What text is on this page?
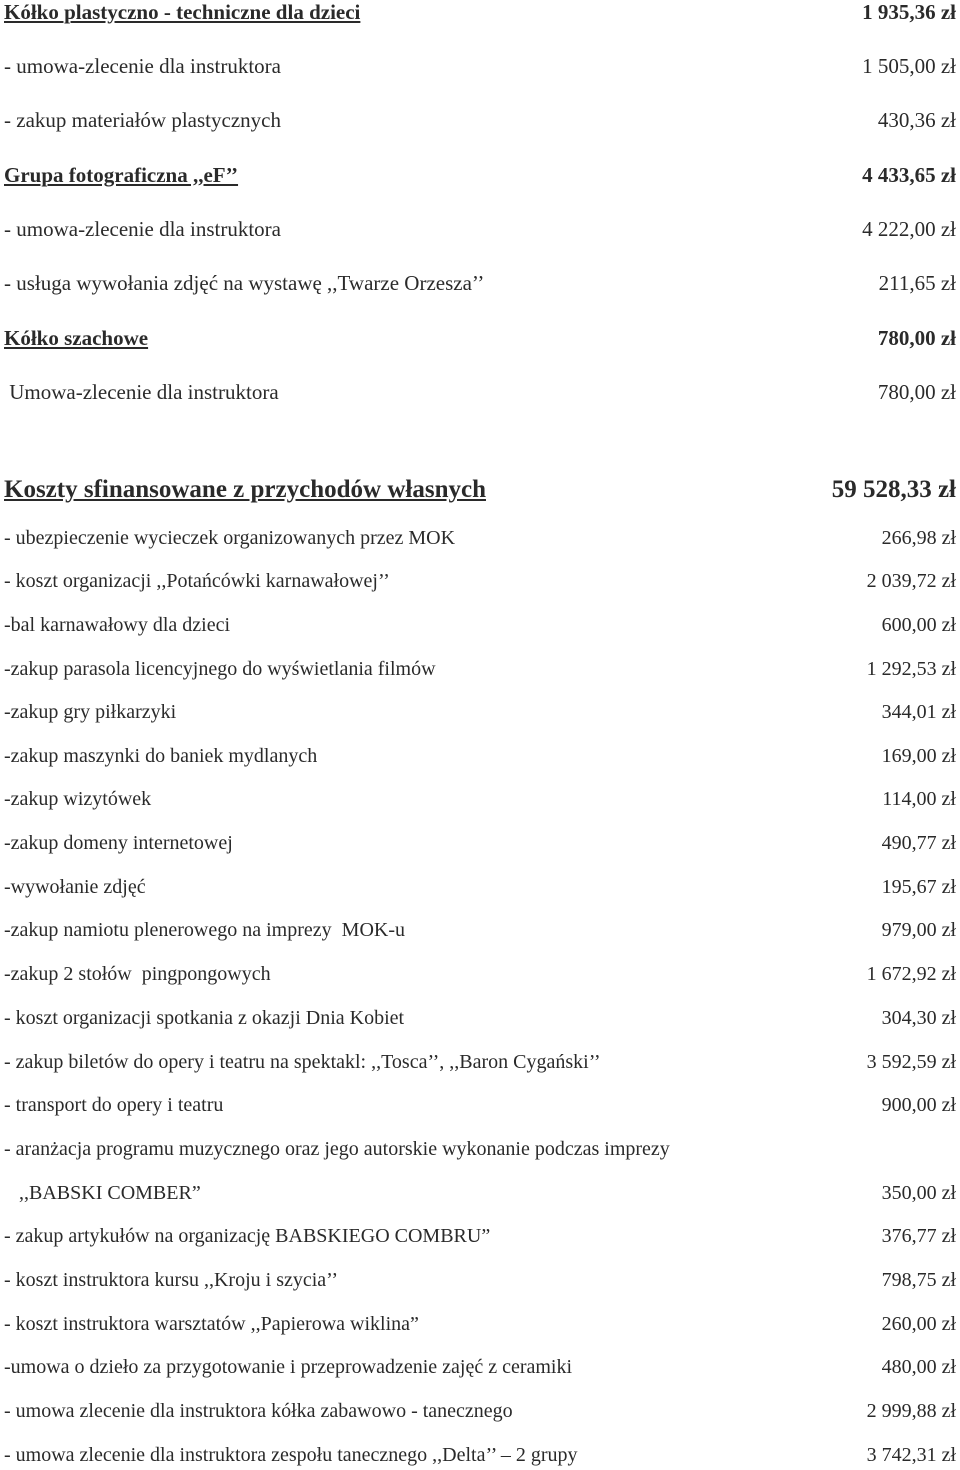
Kółko plastyczno - techniczne dla dzieci	1 935,36 zł
- umowa-zlecenie dla instruktora	1 505,00 zł
- zakup materiałów plastycznych	430,36 zł
Grupa fotograficzna ,,eF’’	4 433,65 zł
- umowa-zlecenie dla instruktora	4 222,00 zł
- usługa wywołania zdjęć na wystawę ,,Twarze Orzesza’’	211,65 zł
Kółko szachowe	780,00 zł
Umowa-zlecenie dla instruktora	780,00 zł
Koszty sfinansowane z przychodów własnych	59 528,33 zł
- ubezpieczenie wycieczek organizowanych przez MOK	266,98 zł
- koszt organizacji ,,Potańcówki karnawałowej’’	2 039,72 zł
-bal karnawałowy dla dzieci	600,00 zł
-zakup parasola licencyjnego do wyświetlania filmów	1 292,53 zł
-zakup gry piłkarzyki	344,01 zł
-zakup maszynki do baniek mydlanych	169,00 zł
-zakup wizytówek	114,00 zł
-zakup domeny internetowej	490,77 zł
-wywołanie zdjęć	195,67 zł
-zakup namiotu plenerowego na imprezy  MOK-u	979,00 zł
-zakup 2 stołów  pingpongowych	1 672,92 zł
- koszt organizacji spotkania z okazji Dnia Kobiet	304,30 zł
- zakup biletów do opery i teatru na spektakl: ,,Tosca’’, ,,Baron Cygański’’	3 592,59 zł
- transport do opery i teatru	900,00 zł
- aranżacja programu muzycznego oraz jego autorskie wykonanie podczas imprezy
,,BABSKI COMBER”	350,00 zł
- zakup artykułów na organizację BABSKIEGO COMBRU”	376,77 zł
- koszt instruktora kursu ,,Kroju i szycia’’	798,75 zł
- koszt instruktora warsztatów ,,Papierowa wiklina”	260,00 zł
-umowa o dzieło za przygotowanie i przeprowadzenie zajęć z ceramiki	480,00 zł
- umowa zlecenie dla instruktora kółka zabawowo - tanecznego	2 999,88 zł
- umowa zlecenie dla instruktora zespołu tanecznego ,,Delta’’ – 2 grupy	3 742,31 zł
